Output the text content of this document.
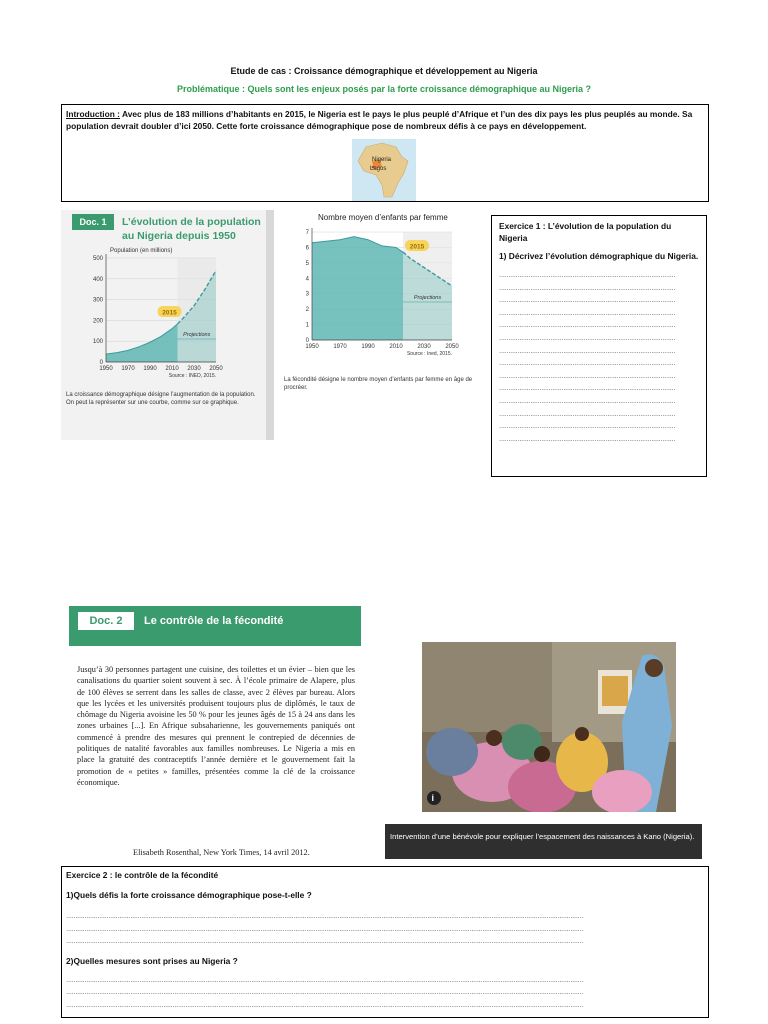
Etude de cas : Croissance démographique et développement au Nigeria
Problématique : Quels sont les enjeux posés par la forte croissance démographique au Nigeria ?
Introduction : Avec plus de 183 millions d’habitants en 2015, le Nigeria est le pays le plus peuplé d’Afrique et l’un des dix pays les plus peuplés au monde. Sa population devrait doubler d’ici 2050. Cette forte croissance démographique pose de nombreux défis à ce pays en développement.
Nigeria
Lagos
Doc. 1	L’évolution de la population au Nigeria depuis 1950
0
100
200
300
400
500
1950 1970 1990 2010 2030 2050
2015
Projections
Source : INED, 2015.
Population (en millions)
La croissance démographique désigne l’augmentation de la population. On peut la représenter sur une courbe, comme sur ce graphique.
Nombre moyen d’enfants par femme
0
1
2
3
4
5
6
7
1950 1970 1990 2010 2030 2050
2015
Projections
Source : Ined, 2015.
La fécondité désigne le nombre moyen d’enfants par femme en âge de procréer.
Exercice 1 : L’évolution de la population du Nigeria
1) Décrivez l’évolution démographique du Nigeria.
……………………………………………………………………………………
……………………………………………………………………………………
……………………………………………………………………………………
……………………………………………………………………………………
……………………………………………………………………………………
……………………………………………………………………………………
……………………………………………………………………………………
……………………………………………………………………………………
……………………………………………………………………………………
……………………………………………………………………………………
……………………………………………………………………………………
……………………………………………………………………………………
……………………………………………………………………………………
……………………………………………………………………………………
Doc. 2	Le contrôle de la fécondité
Jusqu’à 30 personnes partagent une cuisine, des toilettes et un évier – bien que les canalisations du quartier soient souvent à sec. À l’école primaire de Alapere, plus de 100 élèves se serrent dans les salles de classe, avec 2 élèves par bureau. Alors que les lycées et les universités produisent toujours plus de diplômés, le taux de chômage du Nigeria avoisine les 50 % pour les jeunes âgés de 15 à 24 ans dans les zones urbaines [...]. En Afrique subsaharienne, les gouvernements paniqués ont commencé à prendre des mesures qui prennent le contrepied de décennies de politiques de natalité favorables aux familles nombreuses. Le Nigeria a mis en place la gratuité des contraceptifs l’année dernière et le gouvernement fait la promotion de « petites » familles, présentées comme la clé de la croissance économique.
Elisabeth Rosenthal, New York Times, 14 avril 2012.
i
Intervention d’une bénévole pour expliquer l’espacement des naissances à Kano (Nigeria).
Exercice 2 : le contrôle de la fécondité
1)Quels défis la forte croissance démographique pose-t-elle ?
…………………………………………………………………………………………………………………………………………………………………………………………………………………………………………………………
…………………………………………………………………………………………………………………………………………………………………………………………………………………………………………………………
…………………………………………………………………………………………………………………………………………………………………………………………………………………………………………………………
2)Quelles mesures sont prises au Nigeria ?
…………………………………………………………………………………………………………………………………………………………………………………………………………………………………………………………
…………………………………………………………………………………………………………………………………………………………………………………………………………………………………………………………
…………………………………………………………………………………………………………………………………………………………………………………………………………………………………………………………
